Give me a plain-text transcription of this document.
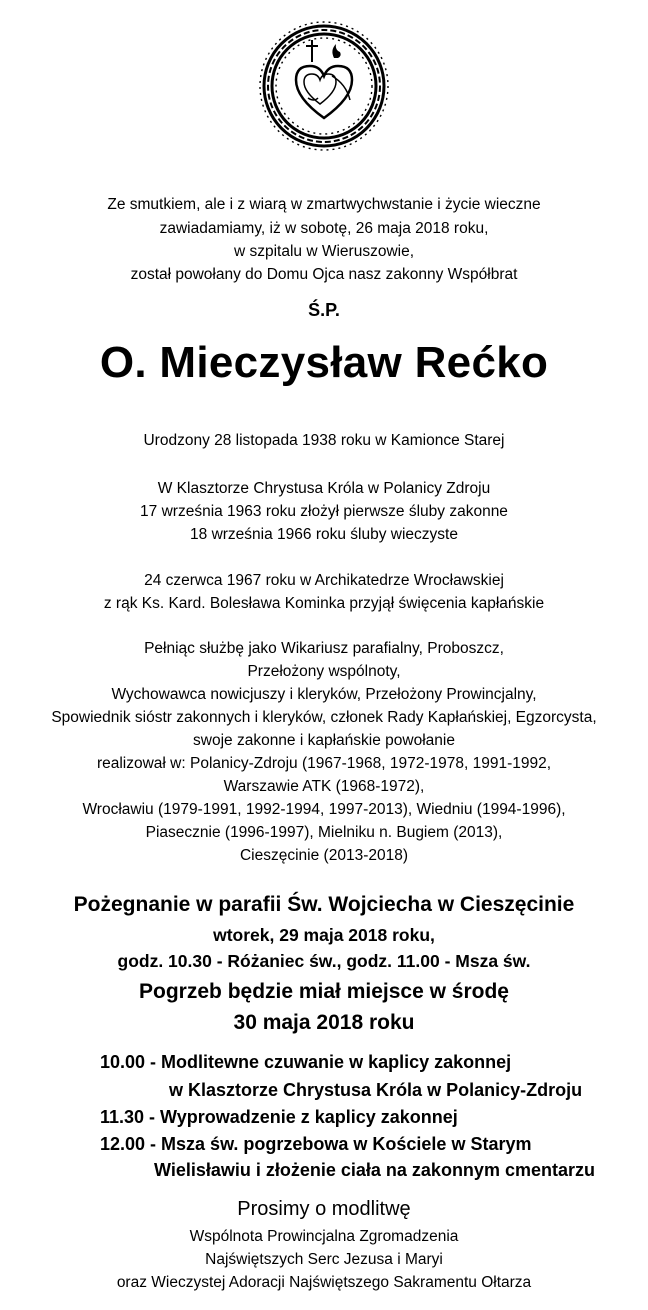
Ze smutkiem, ale i z wiarą w zmartwychwstanie i życie wieczne
zawiadamiamy, iż w sobotę, 26 maja 2018 roku,
w szpitalu w Wieruszowie,
został powołany do Domu Ojca nasz zakonny Współbrat
Ś.P.
O. Mieczysław Rećko
Urodzony 28 listopada 1938 roku w Kamionce Starej
W Klasztorze Chrystusa Króla w Polanicy Zdroju
17 września 1963 roku złożył pierwsze śluby zakonne
18 września 1966 roku śluby wieczyste
24 czerwca 1967 roku w Archikatedrze Wrocławskiej
z rąk Ks. Kard. Bolesława Kominka przyjął święcenia kapłańskie
Pełniąc służbę jako Wikariusz parafialny, Proboszcz,
Przełożony wspólnoty,
Wychowawca nowicjuszy i kleryków, Przełożony Prowincjalny,
Spowiednik sióstr zakonnych i kleryków, członek Rady Kapłańskiej, Egzorcysta,
swoje zakonne i kapłańskie powołanie
realizował w: Polanicy-Zdroju (1967-1968, 1972-1978, 1991-1992,
Warszawie ATK (1968-1972),
Wrocławiu (1979-1991, 1992-1994, 1997-2013), Wiedniu (1994-1996),
Piasecznie (1996-1997), Mielniku n. Bugiem (2013),
Cieszęcinie (2013-2018)
Pożegnanie w parafii Św. Wojciecha w Cieszęcinie
wtorek, 29 maja 2018 roku,
godz. 10.30 - Różaniec św., godz. 11.00 - Msza św.
Pogrzeb będzie miał miejsce w środę
30 maja 2018 roku
10.00 - Modlitewne czuwanie w kaplicy zakonnej
w Klasztorze Chrystusa Króla w Polanicy-Zdroju
11.30 - Wyprowadzenie z kaplicy zakonnej
12.00 - Msza św. pogrzebowa w Kościele w Starym
Wielisławiu i złożenie ciała na zakonnym cmentarzu
Prosimy o modlitwę
Wspólnota Prowincjalna Zgromadzenia
Najświętszych Serc Jezusa i Maryi
oraz Wieczystej Adoracji Najświętszego Sakramentu Ołtarza
